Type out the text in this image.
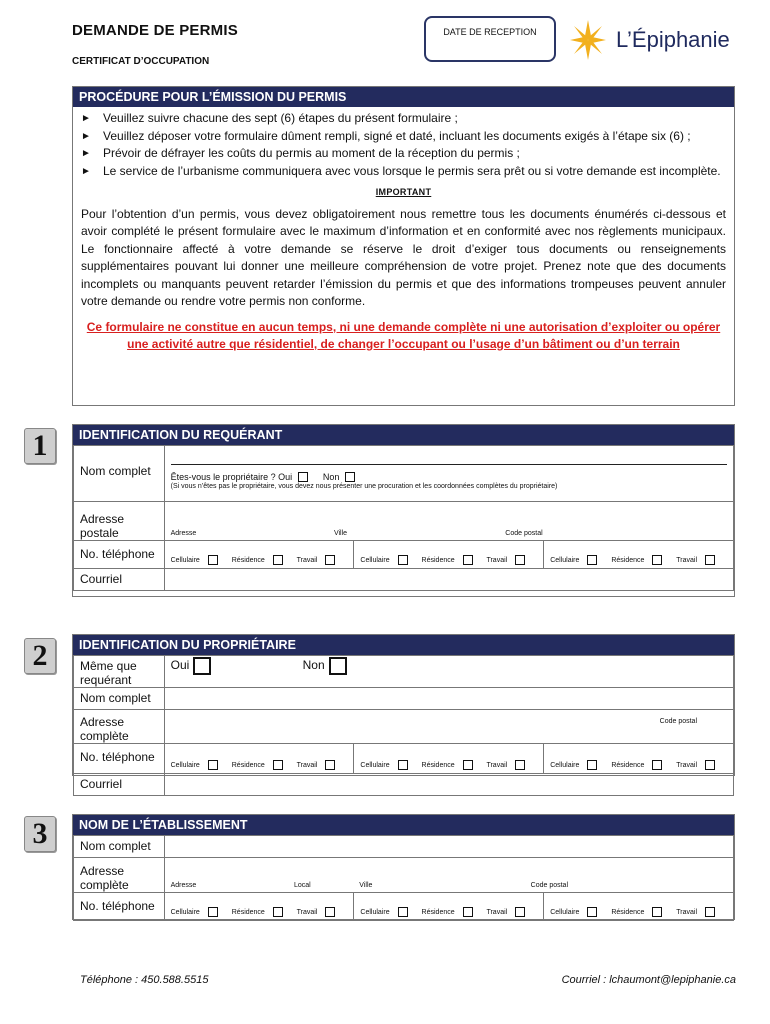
DEMANDE DE PERMIS
CERTIFICAT D’OCCUPATION
DATE DE RECEPTION	L’Épiphanie
PROCÉDURE POUR L’ÉMISSION DU PERMIS
► Veuillez suivre chacune des sept (6) étapes du présent formulaire ;
► Veuillez déposer votre formulaire dûment rempli, signé et daté, incluant les documents exigés à l’étape six (6) ;
► Prévoir de défrayer les coûts du permis au moment de la réception du permis ;
► Le service de l’urbanisme communiquera avec vous lorsque le permis sera prêt ou si votre demande est incomplète.
IMPORTANT
Pour l’obtention d’un permis, vous devez obligatoirement nous remettre tous les documents énumérés ci-dessous et avoir complété le présent formulaire avec le maximum d’information et en conformité avec nos règlements municipaux. Le fonctionnaire affecté à votre demande se réserve le droit d’exiger tous documents ou renseignements supplémentaires pouvant lui donner une meilleure compréhension de votre projet. Prenez note que des documents incomplets ou manquants peuvent retarder l’émission du permis et que des informations trompeuses peuvent annuler votre demande ou rendre votre permis non conforme.
Ce formulaire ne constitue en aucun temps, ni une demande complète ni une autorisation d’exploiter ou opérer une activité autre que résidentiel, de changer l’occupant ou l’usage d’un bâtiment ou d’un terrain
1	IDENTIFICATION DU REQUÉRANT
Nom complet	Êtes-vous le propriétaire ? Oui Non
(Si vous n’êtes pas le propriétaire, vous devez nous présenter une procuration et les coordonnées complètes du propriétaire)		

Adresse postale	Adresse Ville Code postal		
No. téléphone	Cellulaire Résidence Travail	Cellulaire Résidence Travail	Cellulaire Résidence Travail
Courriel			
2	IDENTIFICATION DU PROPRIÉTAIRE
Même que requérant	Oui Non		
Nom complet			
Adresse complète	Code postal		
No. téléphone	Cellulaire Résidence Travail	Cellulaire Résidence Travail	Cellulaire Résidence Travail
Courriel			
3	NOM DE L’ÉTABLISSEMENT
Nom complet			
Adresse complète	Adresse Local Ville Code postal		
No. téléphone	Cellulaire Résidence Travail	Cellulaire Résidence Travail	Cellulaire Résidence Travail
Téléphone : 450.588.5515	Courriel : lchaumont@lepiphanie.ca
